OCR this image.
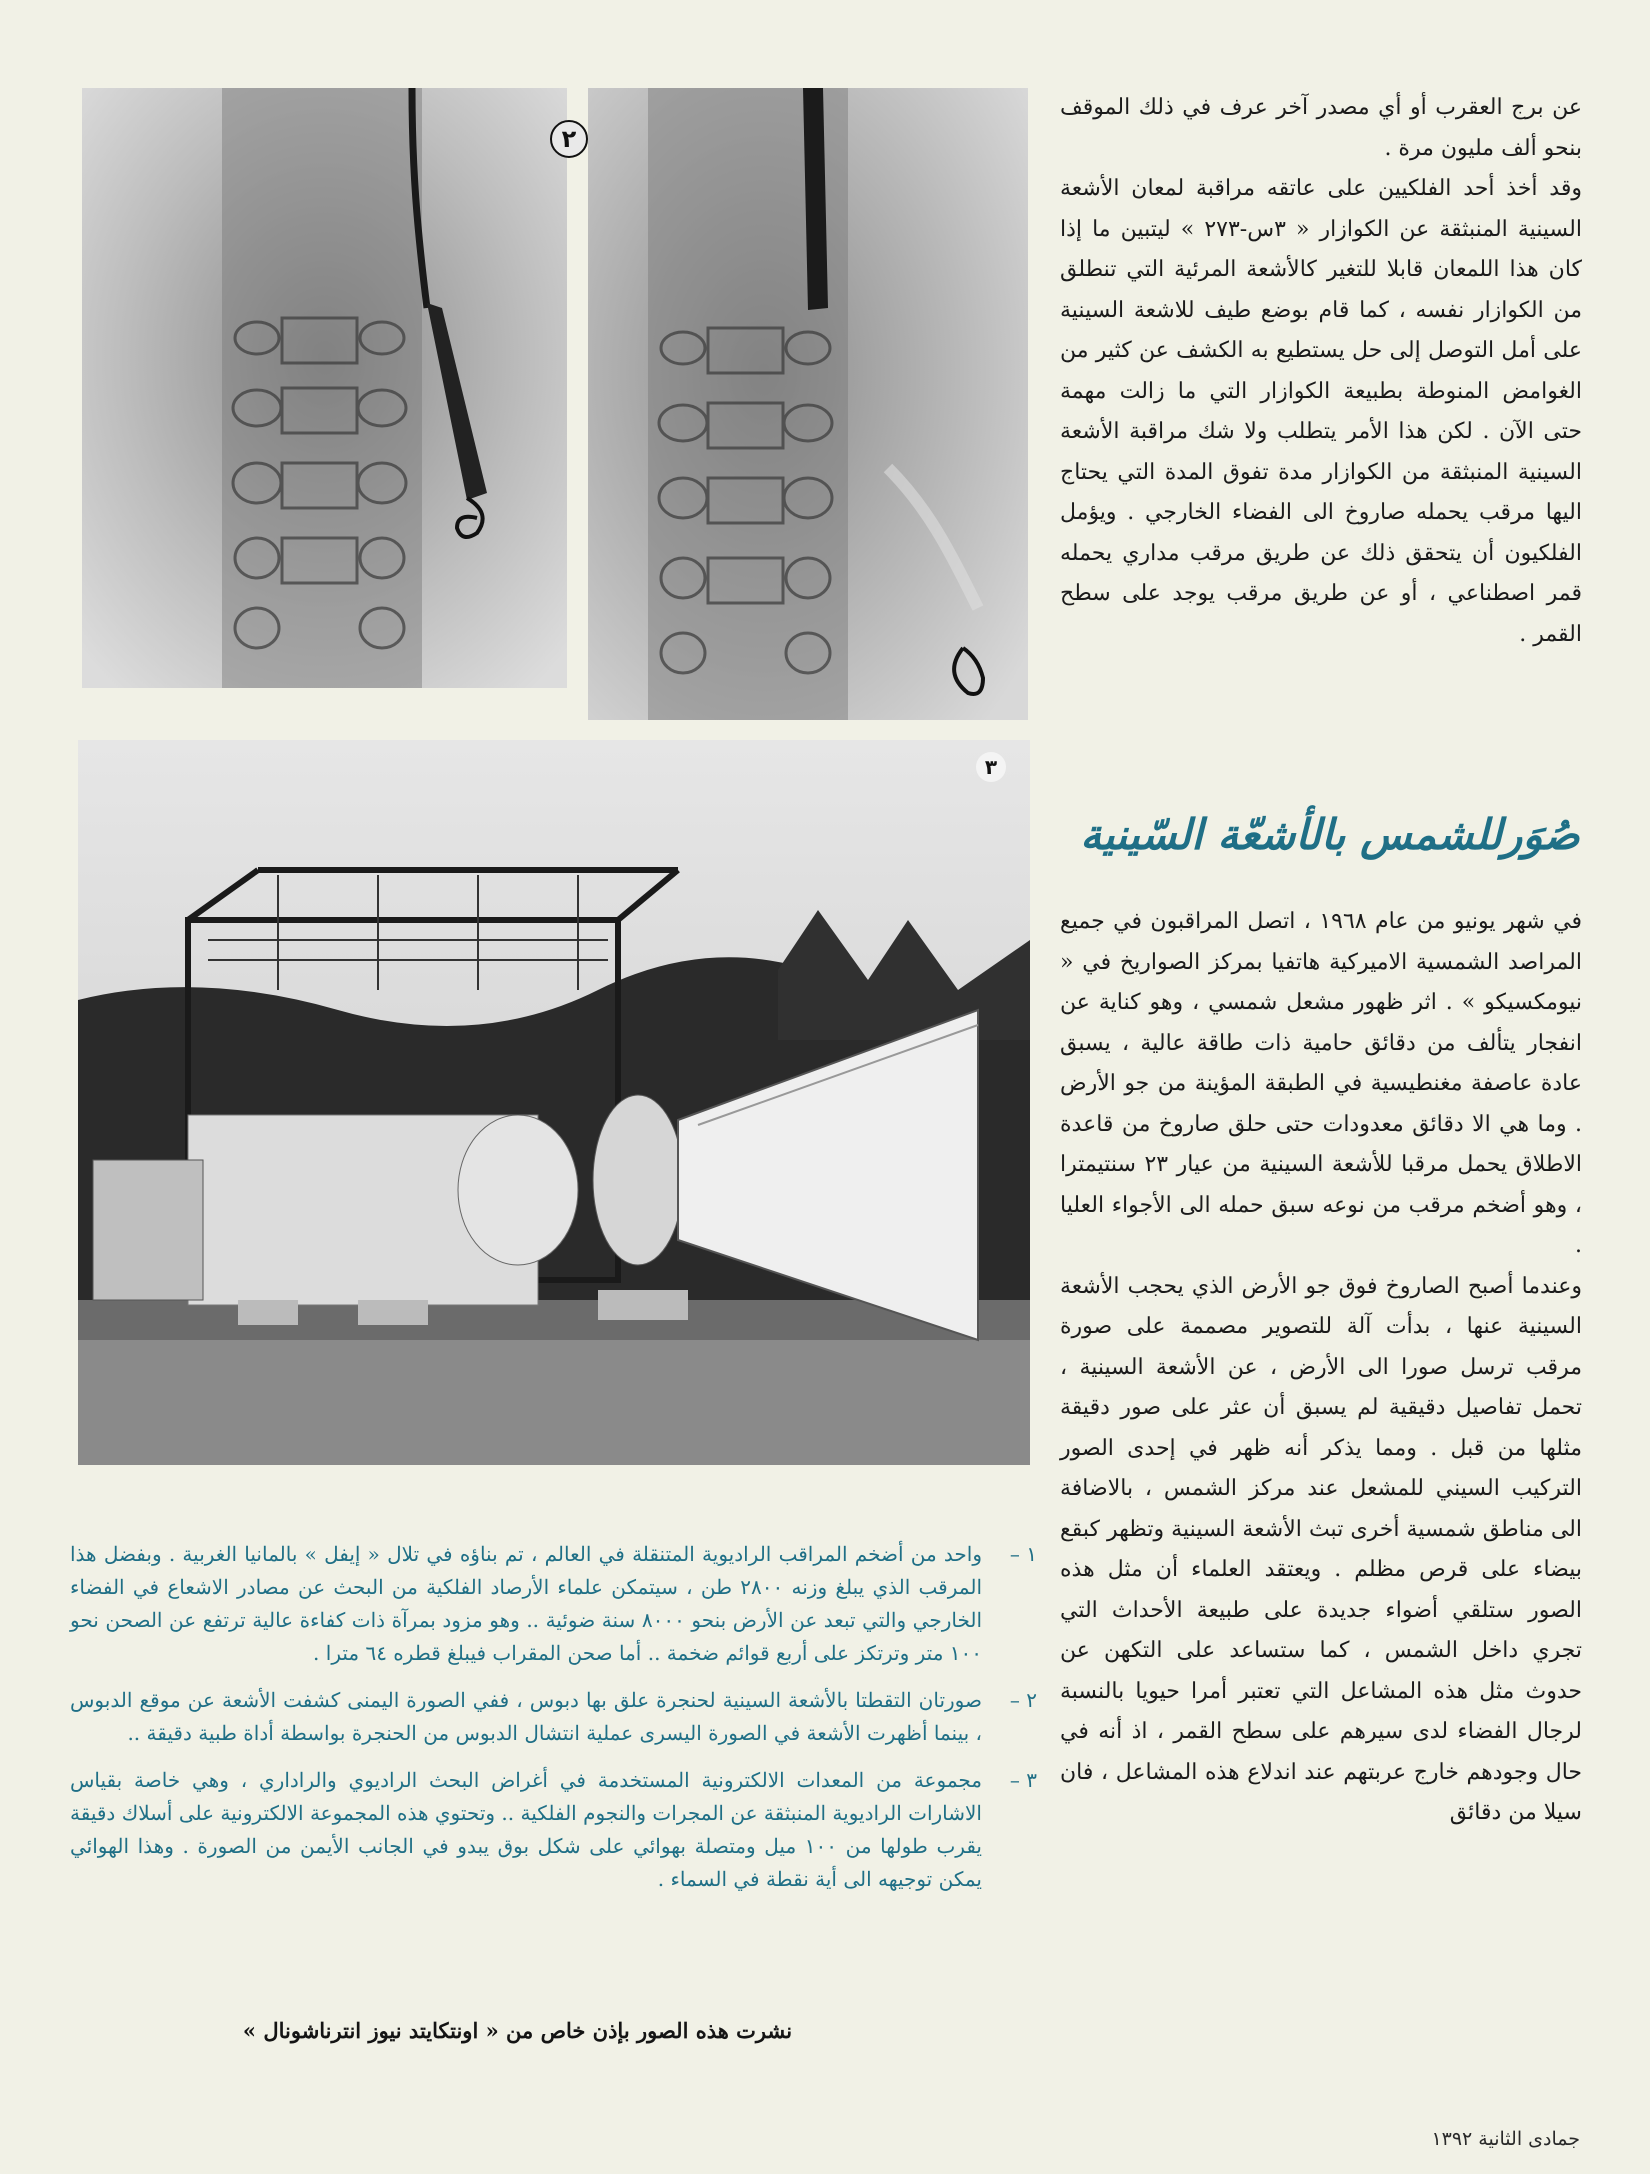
٢
٣

عن برج العقرب أو أي مصدر آخر عرف في ذلك الموقف بنحو ألف مليون مرة .

وقد أخذ أحد الفلكيين على عاتقه مراقبة لمعان الأشعة السينية المنبثقة عن الكوازار « ٣س-٢٧٣ » ليتبين ما إذا كان هذا اللمعان قابلا للتغير كالأشعة المرئية التي تنطلق من الكوازار نفسه ، كما قام بوضع طيف للاشعة السينية على أمل التوصل إلى حل يستطيع به الكشف عن كثير من الغوامض المنوطة بطبيعة الكوازار التي ما زالت مهمة حتى الآن . لكن هذا الأمر يتطلب ولا شك مراقبة الأشعة السينية المنبثقة من الكوازار مدة تفوق المدة التي يحتاج اليها مرقب يحمله صاروخ الى الفضاء الخارجي . ويؤمل الفلكيون أن يتحقق ذلك عن طريق مرقب مداري يحمله قمر اصطناعي ، أو عن طريق مرقب يوجد على سطح القمر .

صُوَرللشمس بالأشعّة السّينية

في شهر يونيو من عام ١٩٦٨ ، اتصل المراقبون في جميع المراصد الشمسية الاميركية هاتفيا بمركز الصواريخ في « نيومكسيكو » . اثر ظهور مشعل شمسي ، وهو كناية عن انفجار يتألف من دقائق حامية ذات طاقة عالية ، يسبق عادة عاصفة مغنطيسية في الطبقة المؤينة من جو الأرض . وما هي الا دقائق معدودات حتى حلق صاروخ من قاعدة الاطلاق يحمل مرقبا للأشعة السينية من عيار ٢٣ سنتيمترا ، وهو أضخم مرقب من نوعه سبق حمله الى الأجواء العليا .

وعندما أصبح الصاروخ فوق جو الأرض الذي يحجب الأشعة السينية عنها ، بدأت آلة للتصوير مصممة على صورة مرقب ترسل صورا الى الأرض ، عن الأشعة السينية ، تحمل تفاصيل دقيقية لم يسبق أن عثر على صور دقيقة مثلها من قبل . ومما يذكر أنه ظهر في إحدى الصور التركيب السيني للمشعل عند مركز الشمس ، بالاضافة الى مناطق شمسية أخرى تبث الأشعة السينية وتظهر كبقع بيضاء على قرص مظلم . ويعتقد العلماء أن مثل هذه الصور ستلقي أضواء جديدة على طبيعة الأحداث التي تجري داخل الشمس ، كما ستساعد على التكهن عن حدوث مثل هذه المشاعل التي تعتبر أمرا حيويا بالنسبة لرجال الفضاء لدى سيرهم على سطح القمر ، اذ أنه في حال وجودهم خارج عربتهم عند اندلاع هذه المشاعل ، فان سيلا من دقائق

١ –
واحد من أضخم المراقب الراديوية المتنقلة في العالم ، تم بناؤه في تلال « إيفل » بالمانيا الغربية . وبفضل هذا المرقب الذي يبلغ وزنه ٢٨٠٠ طن ، سيتمكن علماء الأرصاد الفلكية من البحث عن مصادر الاشعاع في الفضاء الخارجي والتي تبعد عن الأرض بنحو ٨٠٠٠ سنة ضوئية .. وهو مزود بمرآة ذات كفاءة عالية ترتفع عن الصحن نحو ١٠٠ متر وترتكز على أربع قوائم ضخمة .. أما صحن المقراب فيبلغ قطره ٦٤ مترا .
٢ –
صورتان التقطتا بالأشعة السينية لحنجرة علق بها دبوس ، ففي الصورة اليمنى كشفت الأشعة عن موقع الدبوس ، بينما أظهرت الأشعة في الصورة اليسرى عملية انتشال الدبوس من الحنجرة بواسطة أداة طبية دقيقة ..
٣ –
مجموعة من المعدات الالكترونية المستخدمة في أغراض البحث الراديوي والراداري ، وهي خاصة بقياس الاشارات الراديوية المنبثقة عن المجرات والنجوم الفلكية .. وتحتوي هذه المجموعة الالكترونية على أسلاك دقيقة يقرب طولها من ١٠٠ ميل ومتصلة بهوائي على شكل بوق يبدو في الجانب الأيمن من الصورة . وهذا الهوائي يمكن توجيهه الى أية نقطة في السماء .
نشرت هذه الصور بإذن خاص من « اونتكايتد نيوز انترناشونال »
جمادى الثانية ١٣٩٢
